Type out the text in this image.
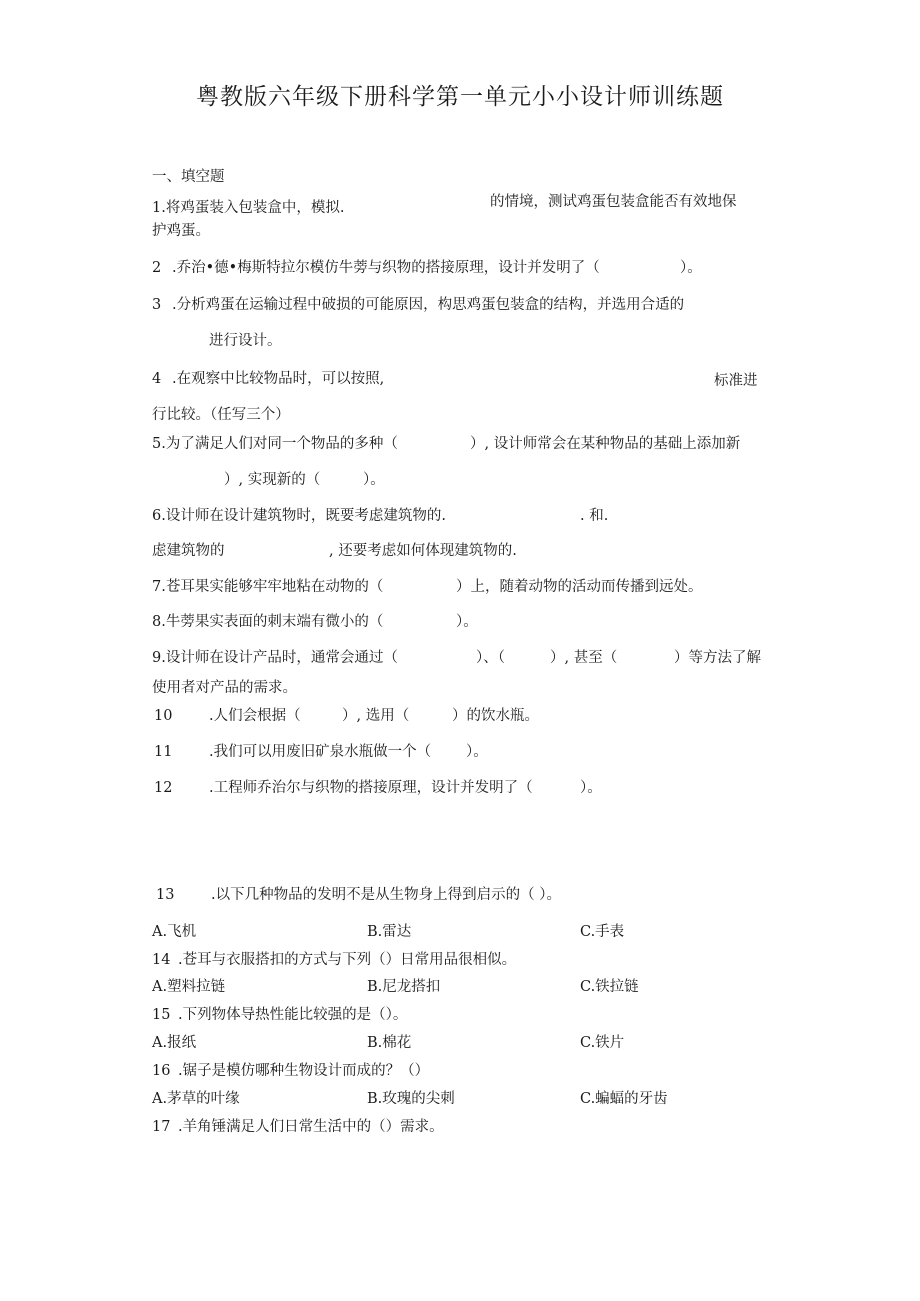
粤教版六年级下册科学第一单元小小设计师训练题
一、填空题
1.将鸡蛋装入包装盒中，模拟.	的情境，测试鸡蛋包装盒能否有效地保
护鸡蛋。
2 .乔治•德•梅斯特拉尔模仿牛蒡与织物的搭接原理，设计并发明了（	）。
3 .分析鸡蛋在运输过程中破损的可能原因，构思鸡蛋包装盒的结构，并选用合适的
进行设计。
4 .在观察中比较物品时，可以按照,	标准进
行比较。（任写三个）
5.为了满足人们对同一个物品的多种（	）, 设计师常会在某种物品的基础上添加新
）, 实现新的（	）。
6.设计师在设计建筑物时，既要考虑建筑物的.	. 和.
虑建筑物的	, 还要考虑如何体现建筑物的.
7.苍耳果实能够牢牢地粘在动物的（	）上，随着动物的活动而传播到远处。
8.牛蒡果实表面的刺末端有微小的（	）。
9.设计师在设计产品时，通常会通过（	）、（	）, 甚至（	）等方法了解
使用者对产品的需求。
10	.人们会根据（	）, 选用（	）的饮水瓶。
11	.我们可以用废旧矿泉水瓶做一个（ ）。
12	.工程师乔治尔与织物的搭接原理，设计并发明了（	）。
13	.以下几种物品的发明不是从生物身上得到启示的（ ）。
A.飞机	B.雷达	C.手表
14 .苍耳与衣服搭扣的方式与下列（）日常用品很相似。
A.塑料拉链	B.尼龙搭扣	C.铁拉链
15 .下列物体导热性能比较强的是（）。
A.报纸	B.棉花	C.铁片
16 .锯子是模仿哪种生物设计而成的？（）
A.茅草的叶缘	B.玫瑰的尖刺	C.蝙蝠的牙齿
17 .羊角锤满足人们日常生活中的（）需求。
